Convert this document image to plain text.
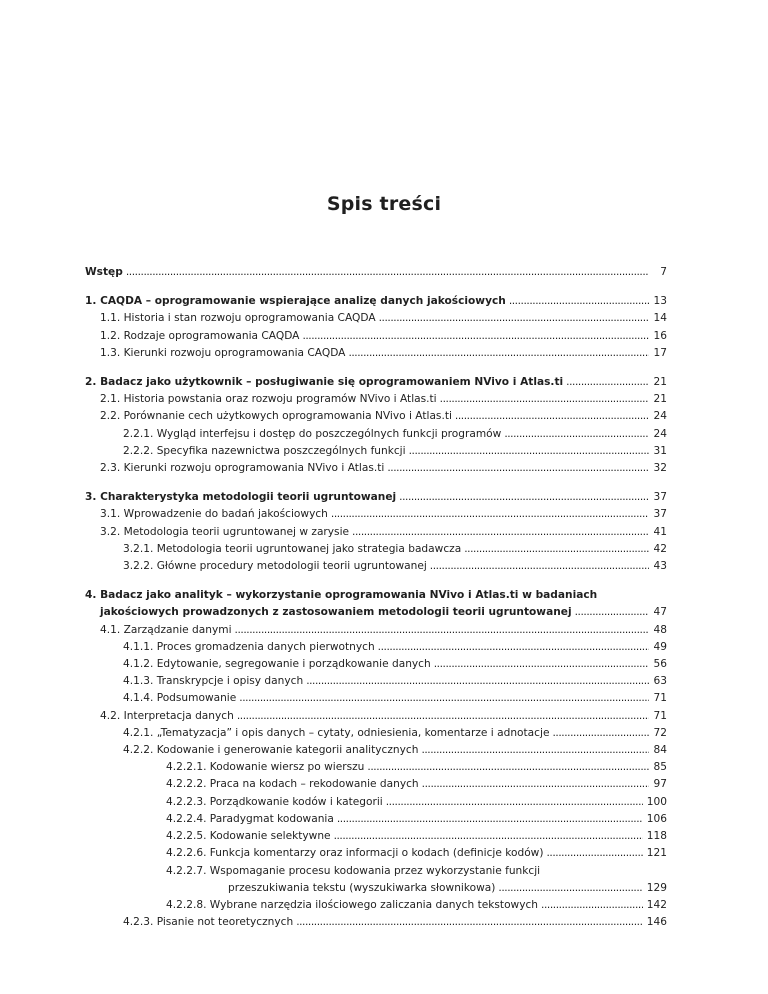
Spis treści
Wstęp . . .	7
1. CAQDA – oprogramowanie wspierające analizę danych jakościowych . . .	13
1.1. Historia i stan rozwoju oprogramowania CAQDA . . .	14
1.2. Rodzaje oprogramowania CAQDA . . .	16
1.3. Kierunki rozwoju oprogramowania CAQDA . . .	17
2. Badacz jako użytkownik – posługiwanie się oprogramowaniem NVivo i Atlas.ti . . .	21
2.1. Historia powstania oraz rozwoju programów NVivo i Atlas.ti . . .	21
2.2. Porównanie cech użytkowych oprogramowania NVivo i Atlas.ti . . .	24
2.2.1. Wygląd interfejsu i dostęp do poszczególnych funkcji programów . . .	24
2.2.2. Specyfika nazewnictwa poszczególnych funkcji . . .	31
2.3. Kierunki rozwoju oprogramowania NVivo i Atlas.ti . . .	32
3. Charakterystyka metodologii teorii ugruntowanej . . .	37
3.1. Wprowadzenie do badań jakościowych . . .	37
3.2. Metodologia teorii ugruntowanej w zarysie . . .	41
3.2.1. Metodologia teorii ugruntowanej jako strategia badawcza . . .	42
3.2.2. Główne procedury metodologii teorii ugruntowanej . . .	43
4. Badacz jako analityk – wykorzystanie oprogramowania NVivo i Atlas.ti w badaniach
jakościowych prowadzonych z zastosowaniem metodologii teorii ugruntowanej . . .	47
4.1. Zarządzanie danymi . . .	48
4.1.1. Proces gromadzenia danych pierwotnych . . .	49
4.1.2. Edytowanie, segregowanie i porządkowanie danych . . .	56
4.1.3. Transkrypcje i opisy danych . . .	63
4.1.4. Podsumowanie . . .	71
4.2. Interpretacja danych . . .	71
4.2.1. „Tematyzacja” i opis danych – cytaty, odniesienia, komentarze i adnotacje . . .	72
4.2.2. Kodowanie i generowanie kategorii analitycznych . . .	84
4.2.2.1. Kodowanie wiersz po wierszu . . .	85
4.2.2.2. Praca na kodach – rekodowanie danych . . .	97
4.2.2.3. Porządkowanie kodów i kategorii . . .	100
4.2.2.4. Paradygmat kodowania . . .	106
4.2.2.5. Kodowanie selektywne . . .	118
4.2.2.6. Funkcja komentarzy oraz informacji o kodach (definicje kodów) . . .	121
4.2.2.7. Wspomaganie procesu kodowania przez wykorzystanie funkcji
przeszukiwania tekstu (wyszukiwarka słownikowa) . . .	129
4.2.2.8. Wybrane narzędzia ilościowego zaliczania danych tekstowych . . .	142
4.2.3. Pisanie not teoretycznych . . .	146
